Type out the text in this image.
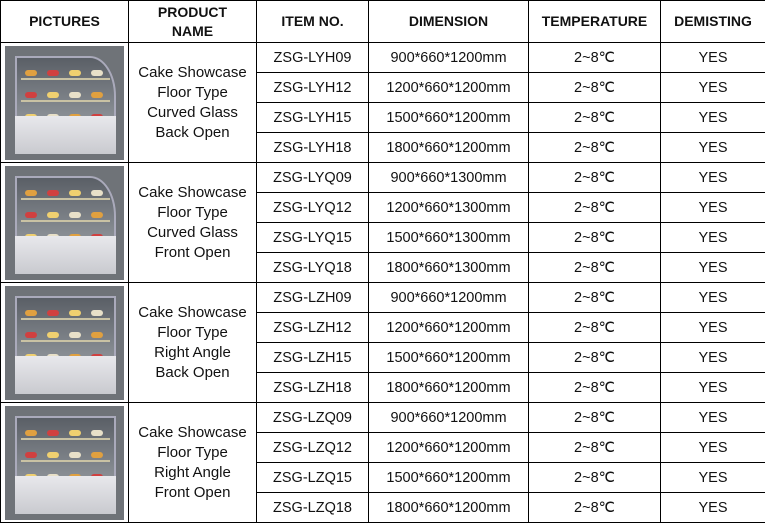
PICTURES	PRODUCT NAME	ITEM NO.	DIMENSION	TEMPERATURE	DEMISTING

	Cake Showcase
Floor Type
Curved Glass
Back Open	ZSG-LYH09	900*660*1200mm	2~8℃	YES
		ZSG-LYH12	1200*660*1200mm	2~8℃	YES
		ZSG-LYH15	1500*660*1200mm	2~8℃	YES
		ZSG-LYH18	1800*660*1200mm	2~8℃	YES

	Cake Showcase
Floor Type
Curved Glass
Front Open	ZSG-LYQ09	900*660*1300mm	2~8℃	YES
		ZSG-LYQ12	1200*660*1300mm	2~8℃	YES
		ZSG-LYQ15	1500*660*1300mm	2~8℃	YES
		ZSG-LYQ18	1800*660*1300mm	2~8℃	YES

	Cake Showcase
Floor Type
Right Angle
Back Open	ZSG-LZH09	900*660*1200mm	2~8℃	YES
		ZSG-LZH12	1200*660*1200mm	2~8℃	YES
		ZSG-LZH15	1500*660*1200mm	2~8℃	YES
		ZSG-LZH18	1800*660*1200mm	2~8℃	YES

	Cake Showcase
Floor Type
Right Angle
Front Open	ZSG-LZQ09	900*660*1200mm	2~8℃	YES
		ZSG-LZQ12	1200*660*1200mm	2~8℃	YES
		ZSG-LZQ15	1500*660*1200mm	2~8℃	YES
		ZSG-LZQ18	1800*660*1200mm	2~8℃	YES
